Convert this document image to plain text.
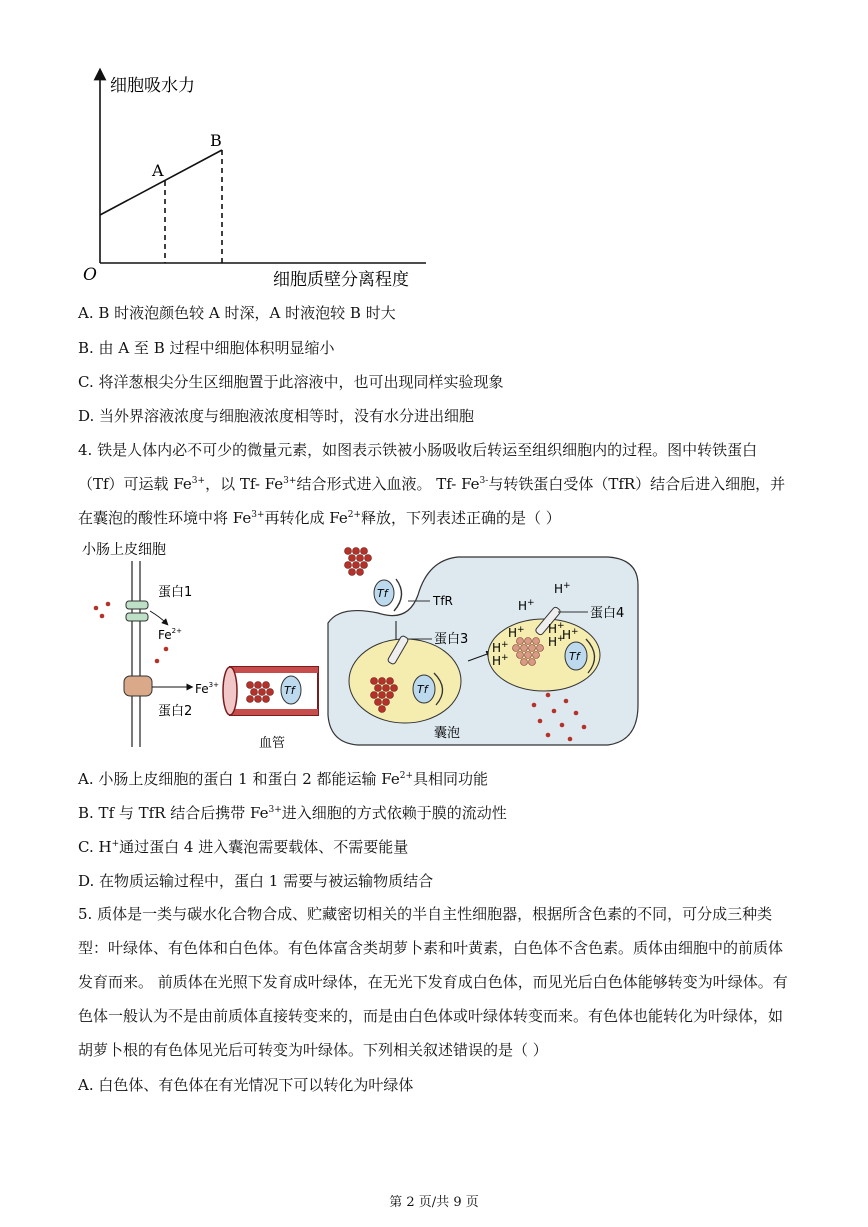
细胞吸水力
细胞质壁分离程度
O
A
B
A. B 时液泡颜色较 A 时深，A 时液泡较 B 时大
B. 由 A 至 B 过程中细胞体积明显缩小
C. 将洋葱根尖分生区细胞置于此溶液中，也可出现同样实验现象
D. 当外界溶液浓度与细胞液浓度相等时，没有水分进出细胞
4. 铁是人体内必不可少的微量元素，如图表示铁被小肠吸收后转运至组织细胞内的过程。图中转铁蛋白
（Tf）可运载 $Fe^{3+}$，以 Tf- $Fe^{3+}$结合形式进入血液。 Tf- $Fe^{3-}$与转铁蛋白受体（TfR）结合后进入细胞，并
在囊泡的酸性环境中将 $Fe^{3+}$再转化成 $Fe^{2+}$释放，下列表述正确的是（ ）
小肠上皮细胞
蛋白1
$Fe^{2+}$
蛋白2
$Fe^{3+}$	Tf
血管
Tf
TfR
Tf
蛋白3
囊泡
Tf
蛋白4
H+
H+
H+
H+
H+
H+
H+
H+
A. 小肠上皮细胞的蛋白 1 和蛋白 2 都能运输 $Fe^{2+}$具相同功能
B. Tf 与 TfR 结合后携带 $Fe^{3+}$进入细胞的方式依赖于膜的流动性
C. H+通过蛋白 4 进入囊泡需要载体、不需要能量
D. 在物质运输过程中，蛋白 1 需要与被运输物质结合
5. 质体是一类与碳水化合物合成、贮藏密切相关的半自主性细胞器，根据所含色素的不同，可分成三种类型：叶绿体、有色体和白色体。有色体富含类胡萝卜素和叶黄素，白色体不含色素。质体由细胞中的前质体发育而来。 前质体在光照下发育成叶绿体，在无光下发育成白色体，而见光后白色体能够转变为叶绿体。有色体一般认为不是由前质体直接转变来的，而是由白色体或叶绿体转变而来。有色体也能转化为叶绿体，如胡萝卜根的有色体见光后可转变为叶绿体。下列相关叙述错误的是（ ）
A. 白色体、有色体在有光情况下可以转化为叶绿体
第 2 页/共 9 页
